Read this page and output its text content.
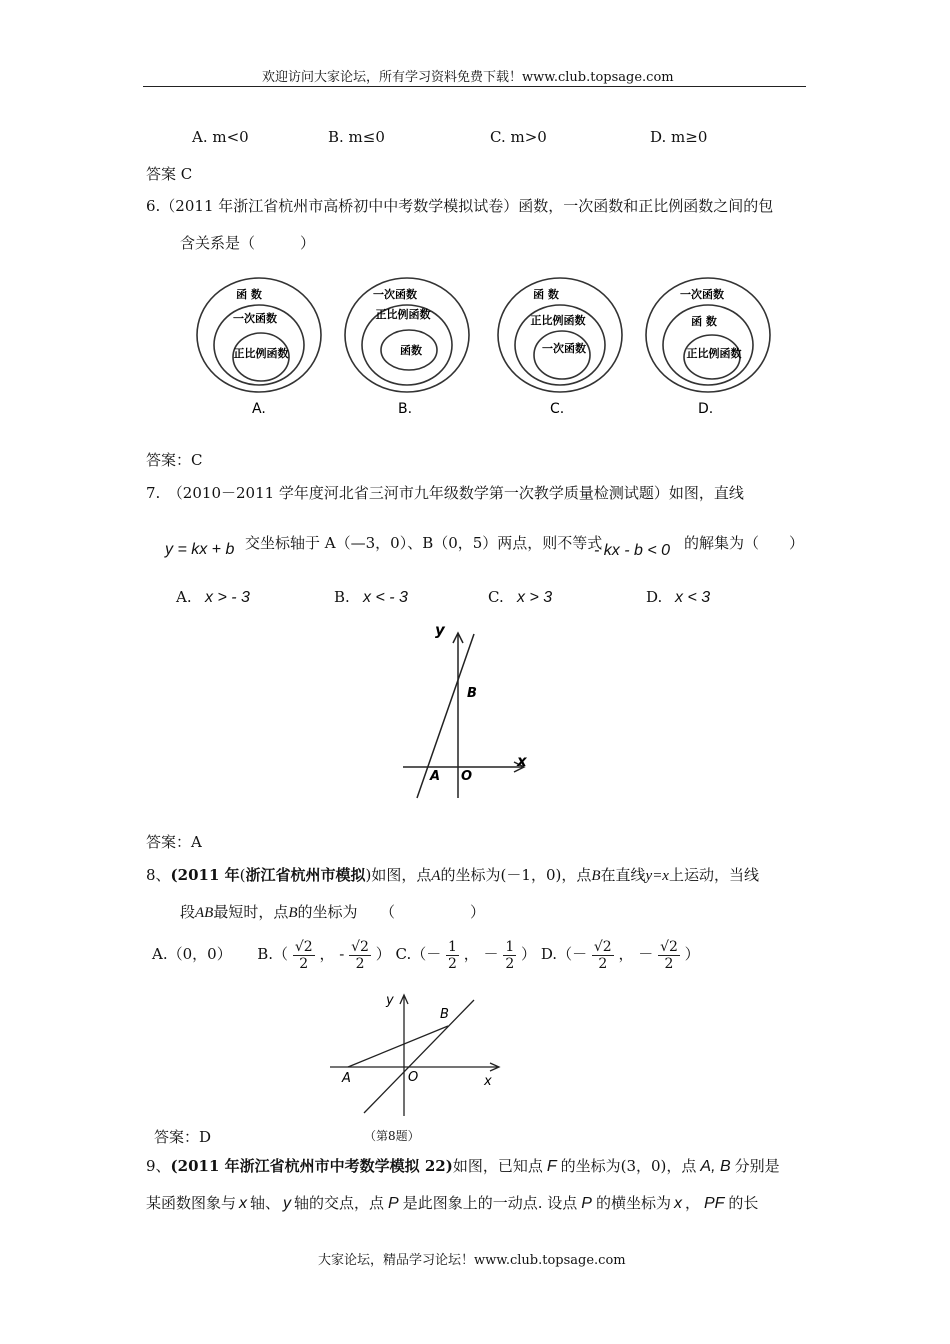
欢迎访问大家论坛，所有学习资料免费下载！www.club.topsage.com
A. m<0	B. m≤0	C. m>0	D. m≥0
答案 C
6.（2011 年浙江省杭州市高桥初中中考数学模拟试卷）函数，一次函数和正比例函数之间的包
含关系是（　　　）
函 数
一次函数
正比例函数
A.
一次函数
正比例函数
函数
B.
函 数
正比例函数
一次函数
C.
一次函数
函 数
正比例函数
D.
答案：C
7.　（2010－2011 学年度河北省三河市九年级数学第一次教学质量检测试题）如图，直线
y = kx + b 交坐标轴于 A（—3，0）、B（0，5）两点，则不等式
- kx - b < 0 的解集为（　　）
A. x > - 3	B. x < - 3	C. x > 3	D. x < 3
y
x
B
A O
答案：A
8、(2011 年(浙江省杭州市模拟)如图，点A的坐标为(－1，0)，点B在直线y=x上运动，当线
段AB最短时，点B的坐标为　　（　　　　　）
A.（0，0） $B.( \frac{√2}{2}$ ， - $\frac{√2}{2}$ ） $C.(- \frac{1}{2}$ ， － $\frac{1}{2}$ ） $D.(- \frac{√2}{2}$ ， － $\frac{√2}{2}$ ）
y
B
A	O	x
答案：D	（第8题）
9、(2011 年浙江省杭州市中考数学模拟 22)如图，已知点 F 的坐标为(3，0)，点 A, B 分别是
某函数图象与 x 轴、 y 轴的交点，点 P 是此图象上的一动点. 设点 P 的横坐标为 x ， PF 的长
大家论坛，精品学习论坛！www.club.topsage.com
